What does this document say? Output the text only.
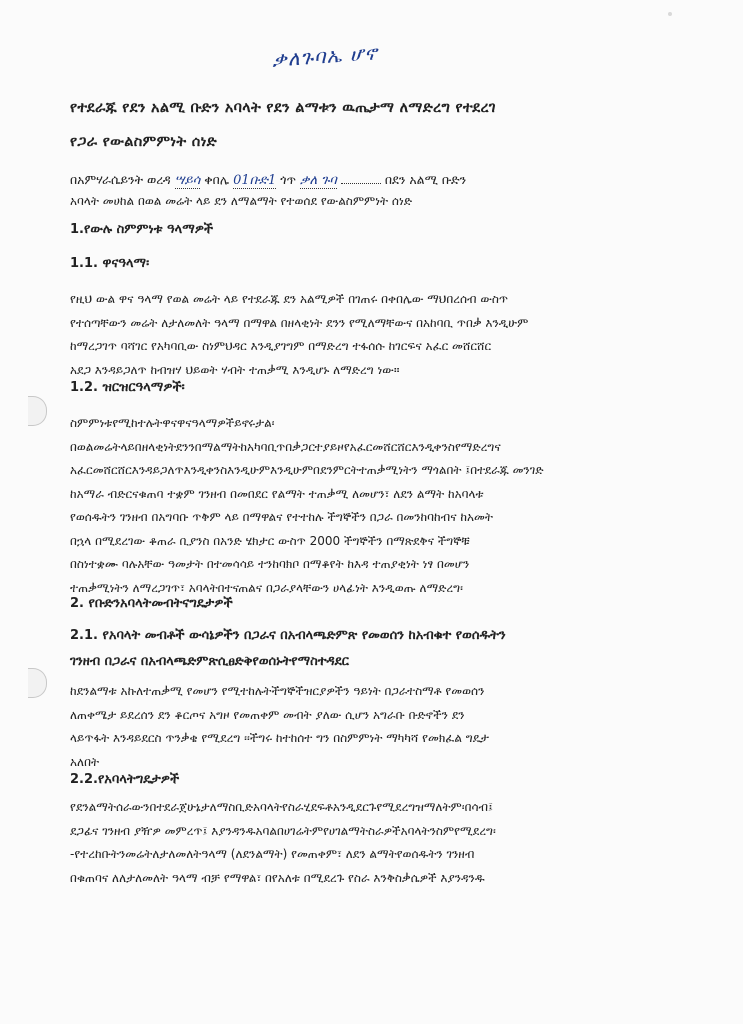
ቃለጉባኤ ሆኖ
የተደራጁ የደን አልሚ ቡድን አባላት የደን ልማቱን ዉጤታማ ለማድረግ የተደረገ
የጋራ የውልስምምነት ሰነድ
በአምሃራሴይንት ወረዳ ሣይሳ ቀበሌ 01ቡድ1 ጎጥ ቃለ ጉባ	በደን አልሚ ቡድን
አባላት መሀከል በወል መሬት ላይ ደን ለማልማት የተወሰደ የውልስምምነት ሰነድ
1.የውሉ ስምምነቱ ዓላማዎች
1.1. ዋናዓላማ፡
የዚህ ውል ዋና ዓላማ የወል መሬት ላይ የተደራጁ ደን አልሚዎች በገጠሩ በቀበሌው ማህበረሰብ ውስጥ
የተሰጣቸውን መሬት ለታለመለት ዓላማ በማዋል በዘላቂነት ደንን የሚለማቸውና በአከባቢ ጥበቃ እንዲሁም
ከማረጋገጥ ባሻገር የአካባቢው ስነምህዳር እንዲያገግም በማድረግ ተፋሰሱ ከገርፍና አፈር መሸርሸር
አደጋ እንዳይጋለጥ ከብዝሃ ህይወት ሃብት ተጠቃሚ እንዲሆኑ ለማድረግ ነው።
1.2. ዝርዝርዓላማዎች፡
ስምምነቱየሚከተሉትዋናዋናዓላማዎችይኖሩታል፡
በወልመሬትላይበዘላቂነትደንንበማልማትከአካባቢጥበቃጋርተያይዞየአፈርመሸርሸርእንዲቀንስየማድረግና
አፈርመሸርሸርእንዳይጋለጥእንዲቀንስእንዲሁምእንዲሁምበደንምርትተጠቃሚነትን ማጎልበት ፤በተደራጁ መንገድ
ከአማራ ብድርናቁጠባ ተቋም ገንዘብ በመበደር የልማት ተጠቃሚ ለመሆን፣ ለደን ልማት ከአባላቱ
የወሰዱትን ገንዘብ በአግባቡ ጥቅም ላይ በማዋልና የተተከሉ ችግኞችን በጋራ በመንከባከብና ከአመት
በኋላ በሚደረገው ቆጠራ ቢያንስ በአንድ ሄክታር ውስጥ 2000 ችግኞችን በማጽደቅና ችግኞቹ
በስነተቋሙ ባሉአቸው ዓመታት በተመሳሳይ ተንከባክቦ በማቆየት ከእዳ ተጠያቂነት ነፃ በመሆን
ተጠቃሚነትን ለማረጋገጥ፣ አባላትበተናጠልና በጋራያላቸውን ሀላፊነት እንዲወጡ ለማድረግ፡
2. የቡድንአባላትመብትናግዴታዎች
2.1. የአባላት መብቶች ውሳኔዎችን በጋራና በአብላጫድምጽ የመወሰን ከአብቁተ የወሰዱትን
ገንዘብ በጋራና በአብላጫድምጽሲፀድቅየወሰኑትየማስተዳደር
ከደንልማቱ አኩለተጠቃሚ የመሆን የሚተከሉትችግኞችዝርያዎችን ዓይነት በጋራተስማቶ የመወሰን
ለጠቀሜታ ይደረሰን ደን ቆርጦና አግዞ የመጠቀም መብት ያለው ሲሆን አግራቡ ቡድኖችን ደን
ላይጥፋት እንዳይደርስ ጥንቃቄ የሚደረግ ፡፡ችግሩ ከተከሰተ ግን በስምምነት ማካካሻ የመክፈል ግዴታ
አለበት
2.2.የአባላትግዴታዎች
የደንልማትሰራውንበተደራጀሁኔታለማስቢድአባላትየስራሂደፍቶአንዲደርጉየሚደረግዝማለትም፡በሳብ፤
ደጋፊና ገንዘብ ያዥዎ መምረጥ፤ እያንዳንዱአባልበሀገሬትምየሀገልማትስራዎችአባላትንስምየሚደረግ፡
-የተረከቡትንመሬትለታለመለትዓላማ (ለደንልማት) የመጠቀም፣ ለደን ልማትየወሰዱትን ገንዘብ
በቁጠባና ለለታለመለት ዓላማ ብቻ የማዋል፣ በየአለቱ በሚደረጉ የስራ እንቅስቃሴዎች እያንዳንዱ
